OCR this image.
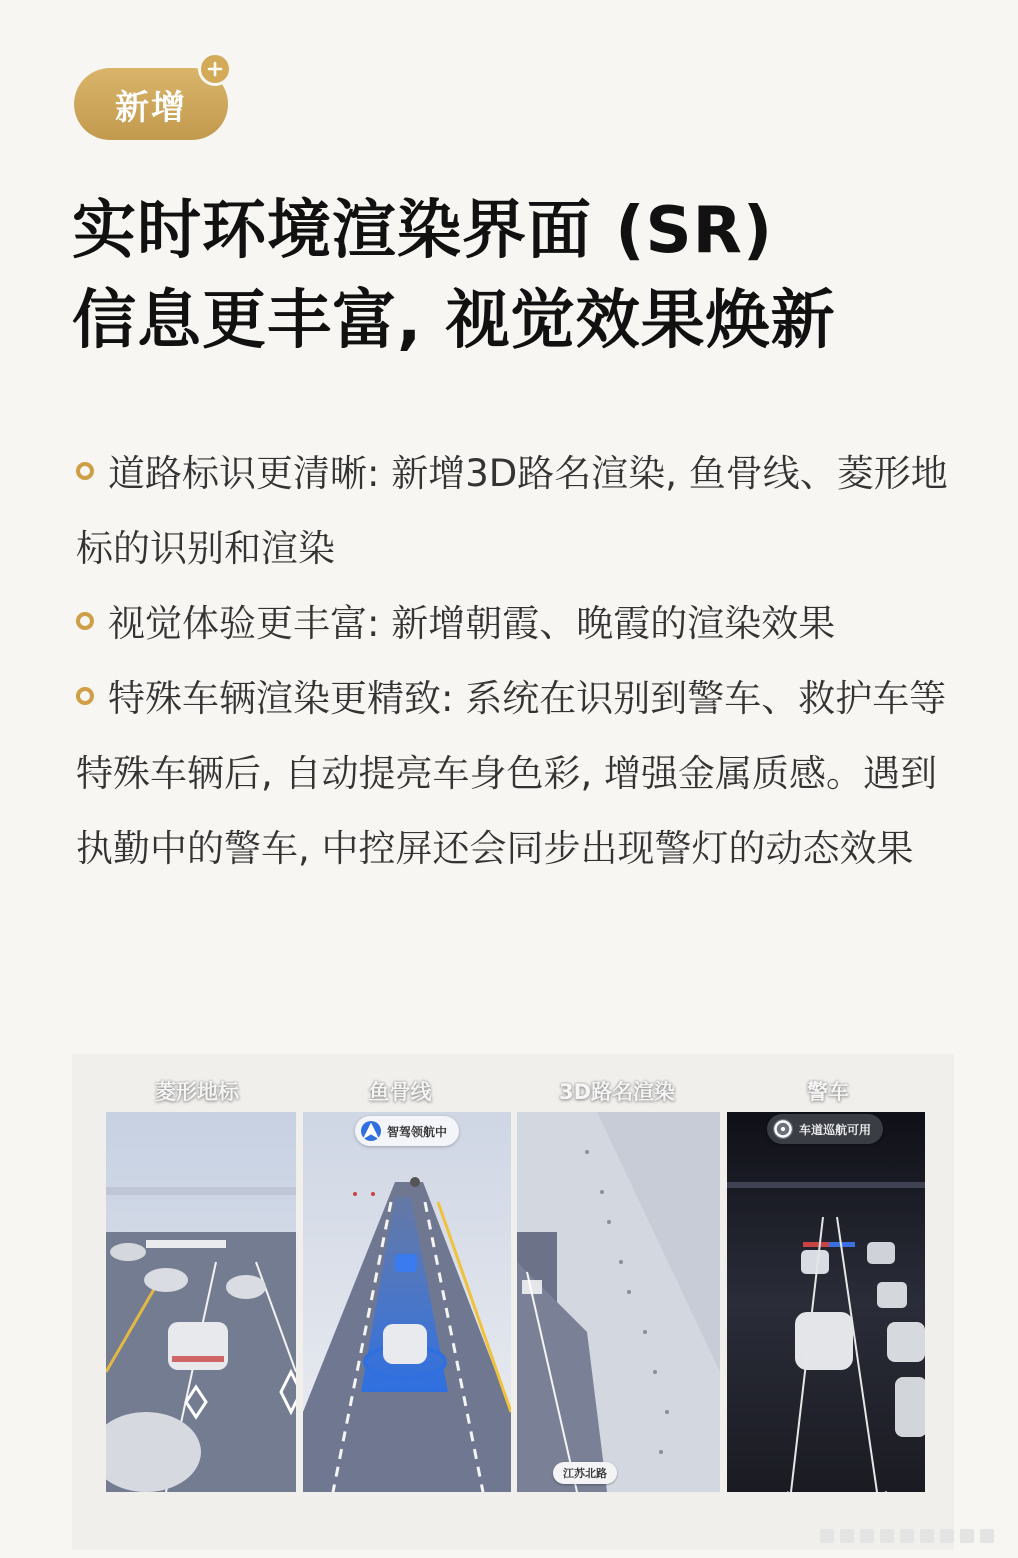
新增
实时环境渲染界面 (SR)
信息更丰富, 视觉效果焕新

道路标识更清晰: 新增3D路名渲染, 鱼骨线、菱形地标的识别和渲染

视觉体验更丰富: 新增朝霞、晚霞的渲染效果

特殊车辆渲染更精致: 系统在识别到警车、救护车等特殊车辆后, 自动提亮车身色彩, 增强金属质感。遇到执勤中的警车, 中控屏还会同步出现警灯的动态效果

菱形地标	鱼骨线	3D路名渲染	警车
智驾领航中
江苏北路
车道巡航可用
